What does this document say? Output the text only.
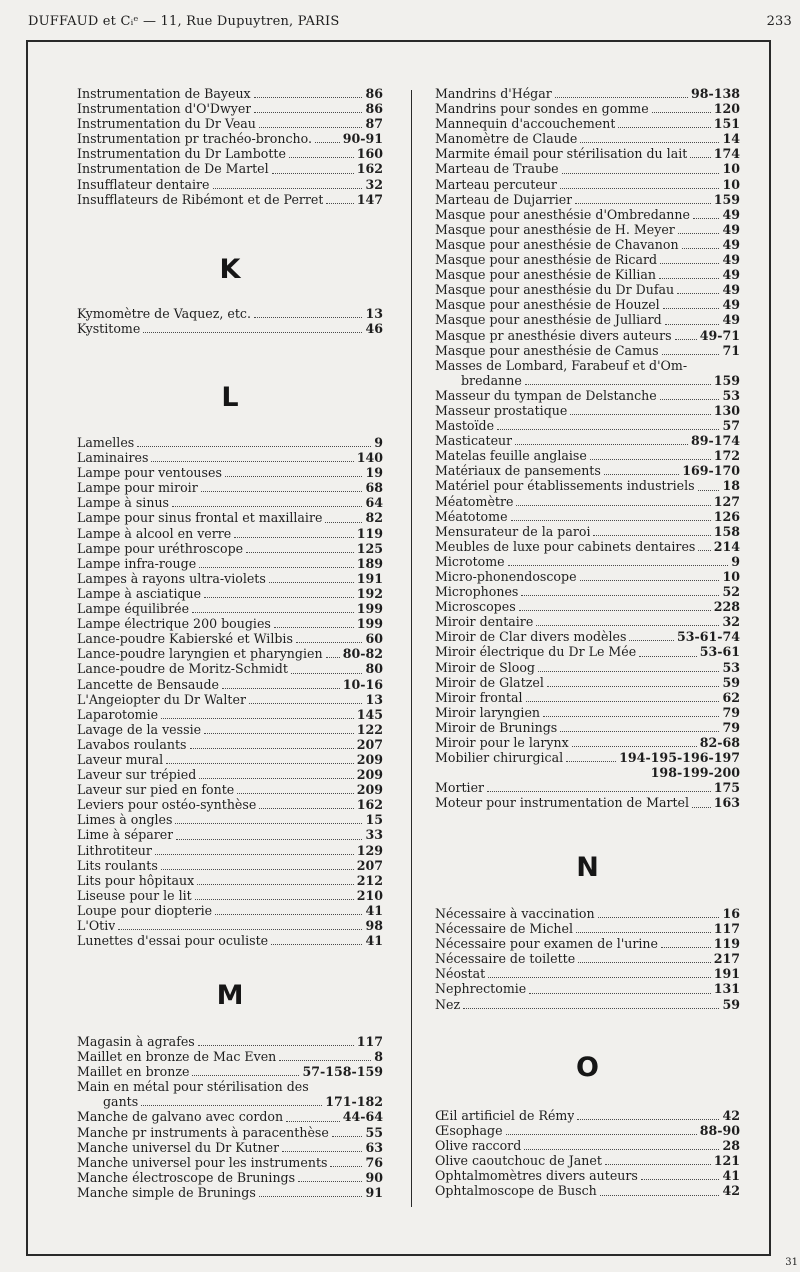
DUFFAUD et Cᵢᵉ — 11, Rue Dupuytren, PARIS	233
Instrumentation de Bayeux	86
Instrumentation d'O'Dwyer	86
Instrumentation du Dr Veau	87
Instrumentation pr trachéo-broncho. 90-91
Instrumentation du Dr Lambotte	160
Instrumentation de De Martel	162
Insufflateur dentaire	32
Insufflateurs de Ribémont et de Perret	147
K
Kymomètre de Vaquez, etc.	13
Kystitome	46
L
Lamelles	9
Laminaires	140
Lampe pour ventouses	19
Lampe pour miroir	68
Lampe à sinus	64
Lampe pour sinus frontal et maxillaire	82
Lampe à alcool en verre	119
Lampe pour uréthroscope	125
Lampe infra-rouge	189
Lampes à rayons ultra-violets	191
Lampe à asciatique	192
Lampe équilibrée	199
Lampe électrique 200 bougies	199
Lance-poudre Kabierské et Wilbis	60
Lance-poudre laryngien et pharyngien 80-82
Lance-poudre de Moritz-Schmidt	80
Lancette de Bensaude	10-16
L'Angeiopter du Dr Walter	13
Laparotomie	145
Lavage de la vessie	122
Lavabos roulants	207
Laveur mural	209
Laveur sur trépied	209
Laveur sur pied en fonte	209
Leviers pour ostéo-synthèse	162
Limes à ongles	15
Lime à séparer	33
Lithrotiteur	129
Lits roulants	207
Lits pour hôpitaux	212
Liseuse pour le lit	210
Loupe pour diopterie	41
L'Otiv	98
Lunettes d'essai pour oculiste	41
M
Magasin à agrafes	117
Maillet en bronze de Mac Even	8
Maillet en bronze	57-158-159
Main en métal pour stérilisation des
gants	171-182
Manche de galvano avec cordon	44-64
Manche pr instruments à paracenthèse	55
Manche universel du Dr Kutner	63
Manche universel pour les instruments	76
Manche électroscope de Brunings	90
Manche simple de Brunings	91
Mandrins d'Hégar	98-138
Mandrins pour sondes en gomme	120
Mannequin d'accouchement	151
Manomètre de Claude	14
Marmite émail pour stérilisation du lait 174
Marteau de Traube	10
Marteau percuteur	10
Marteau de Dujarrier	159
Masque pour anesthésie d'Ombredanne	49
Masque pour anesthésie de H. Meyer	49
Masque pour anesthésie de Chavanon	49
Masque pour anesthésie de Ricard	49
Masque pour anesthésie de Killian	49
Masque pour anesthésie du Dr Dufau	49
Masque pour anesthésie de Houzel	49
Masque pour anesthésie de Julliard	49
Masque pr anesthésie divers auteurs 49-71
Masque pour anesthésie de Camus	71
Masses de Lombard, Farabeuf et d'Om-
bredanne	159
Masseur du tympan de Delstanche	53
Masseur prostatique	130
Mastoïde	57
Masticateur	89-174
Matelas feuille anglaise	172
Matériaux de pansements	169-170
Matériel pour établissements industriels 18
Méatomètre	127
Méatotome	126
Mensurateur de la paroi	158
Meubles de luxe pour cabinets dentaires 214
Microtome	9
Micro-phonendoscope	10
Microphones	52
Microscopes	228
Miroir dentaire	32
Miroir de Clar divers modèles	53-61-74
Miroir électrique du Dr Le Mée	53-61
Miroir de Sloog	53
Miroir de Glatzel	59
Miroir frontal	62
Miroir laryngien	79
Miroir de Brunings	79
Miroir pour le larynx	82-68
Mobilier chirurgical	194-195-196-197
198-199-200
Mortier	175
Moteur pour instrumentation de Martel 163
N
Nécessaire à vaccination	16
Nécessaire de Michel	117
Nécessaire pour examen de l'urine	119
Nécessaire de toilette	217
Néostat	191
Nephrectomie	131
Nez	59
O
Œil artificiel de Rémy	42
Œsophage	88-90
Olive raccord	28
Olive caoutchouc de Janet	121
Ophtalmomètres divers auteurs	41
Ophtalmoscope de Busch	42
31
